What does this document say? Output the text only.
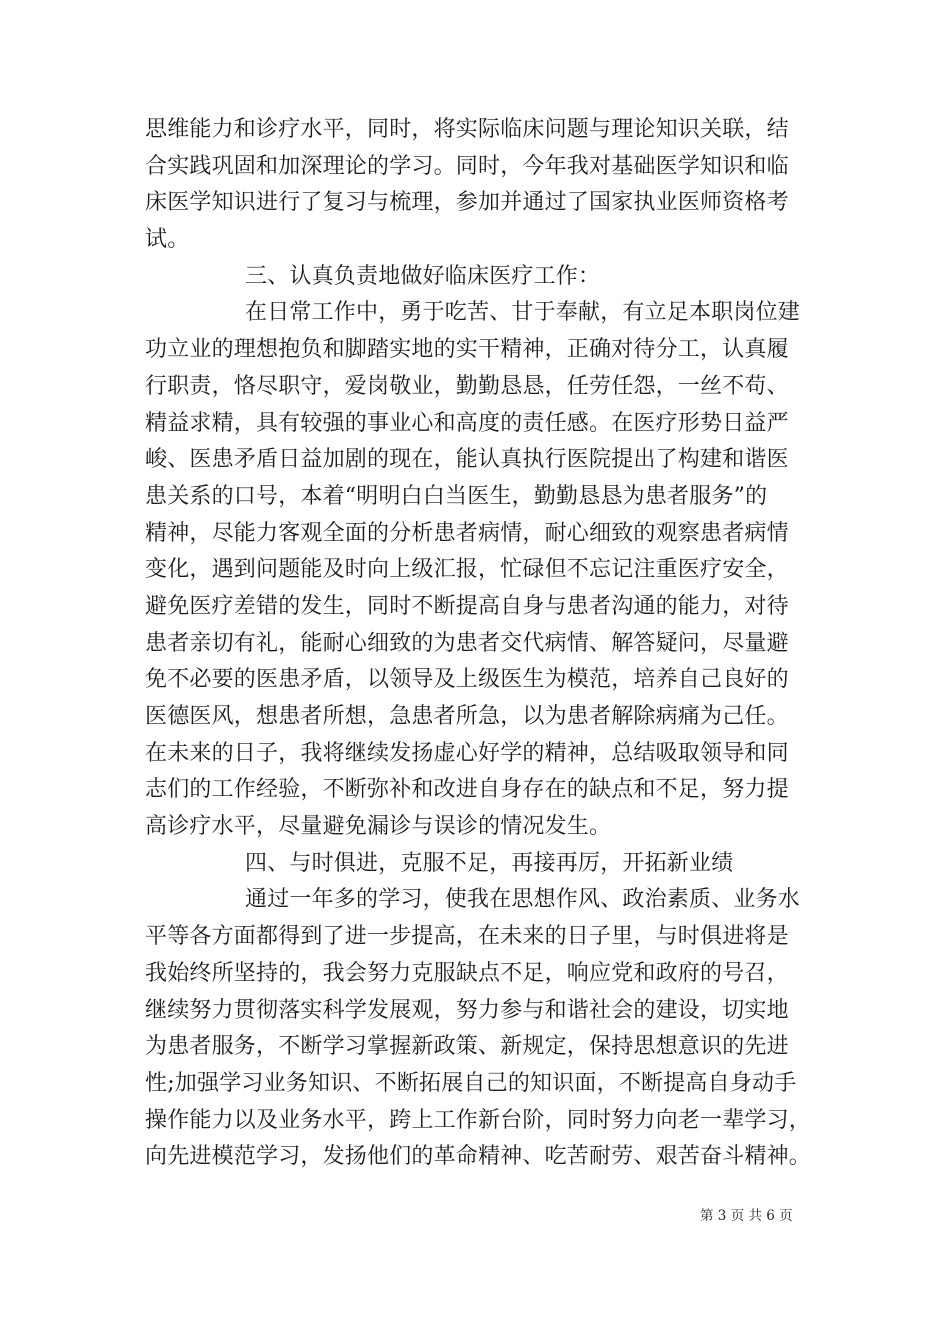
思维能力和诊疗水平，同时，将实际临床问题与理论知识关联，结
合实践巩固和加深理论的学习。同时，今年我对基础医学知识和临
床医学知识进行了复习与梳理，参加并通过了国家执业医师资格考
试。
三、认真负责地做好临床医疗工作：
在日常工作中，勇于吃苦、甘于奉献，有立足本职岗位建
功立业的理想抱负和脚踏实地的实干精神，正确对待分工，认真履
行职责，恪尽职守，爱岗敬业，勤勤恳恳，任劳任怨，一丝不苟、
精益求精，具有较强的事业心和高度的责任感。在医疗形势日益严
峻、医患矛盾日益加剧的现在，能认真执行医院提出了构建和谐医
患关系的口号，本着“明明白白当医生，勤勤恳恳为患者服务”的
精神，尽能力客观全面的分析患者病情，耐心细致的观察患者病情
变化，遇到问题能及时向上级汇报，忙碌但不忘记注重医疗安全，
避免医疗差错的发生，同时不断提高自身与患者沟通的能力，对待
患者亲切有礼，能耐心细致的为患者交代病情、解答疑问，尽量避
免不必要的医患矛盾，以领导及上级医生为模范，培养自己良好的
医德医风，想患者所想，急患者所急，以为患者解除病痛为己任。
在未来的日子，我将继续发扬虚心好学的精神，总结吸取领导和同
志们的工作经验，不断弥补和改进自身存在的缺点和不足，努力提
高诊疗水平，尽量避免漏诊与误诊的情况发生。
四、与时俱进，克服不足，再接再厉，开拓新业绩
通过一年多的学习，使我在思想作风、政治素质、业务水
平等各方面都得到了进一步提高，在未来的日子里，与时俱进将是
我始终所坚持的，我会努力克服缺点不足，响应党和政府的号召，
继续努力贯彻落实科学发展观，努力参与和谐社会的建设，切实地
为患者服务，不断学习掌握新政策、新规定，保持思想意识的先进
性;加强学习业务知识、不断拓展自己的知识面，不断提高自身动手
操作能力以及业务水平，跨上工作新台阶，同时努力向老一辈学习，
向先进模范学习，发扬他们的革命精神、吃苦耐劳、艰苦奋斗精神。
第 3 页 共 6 页
